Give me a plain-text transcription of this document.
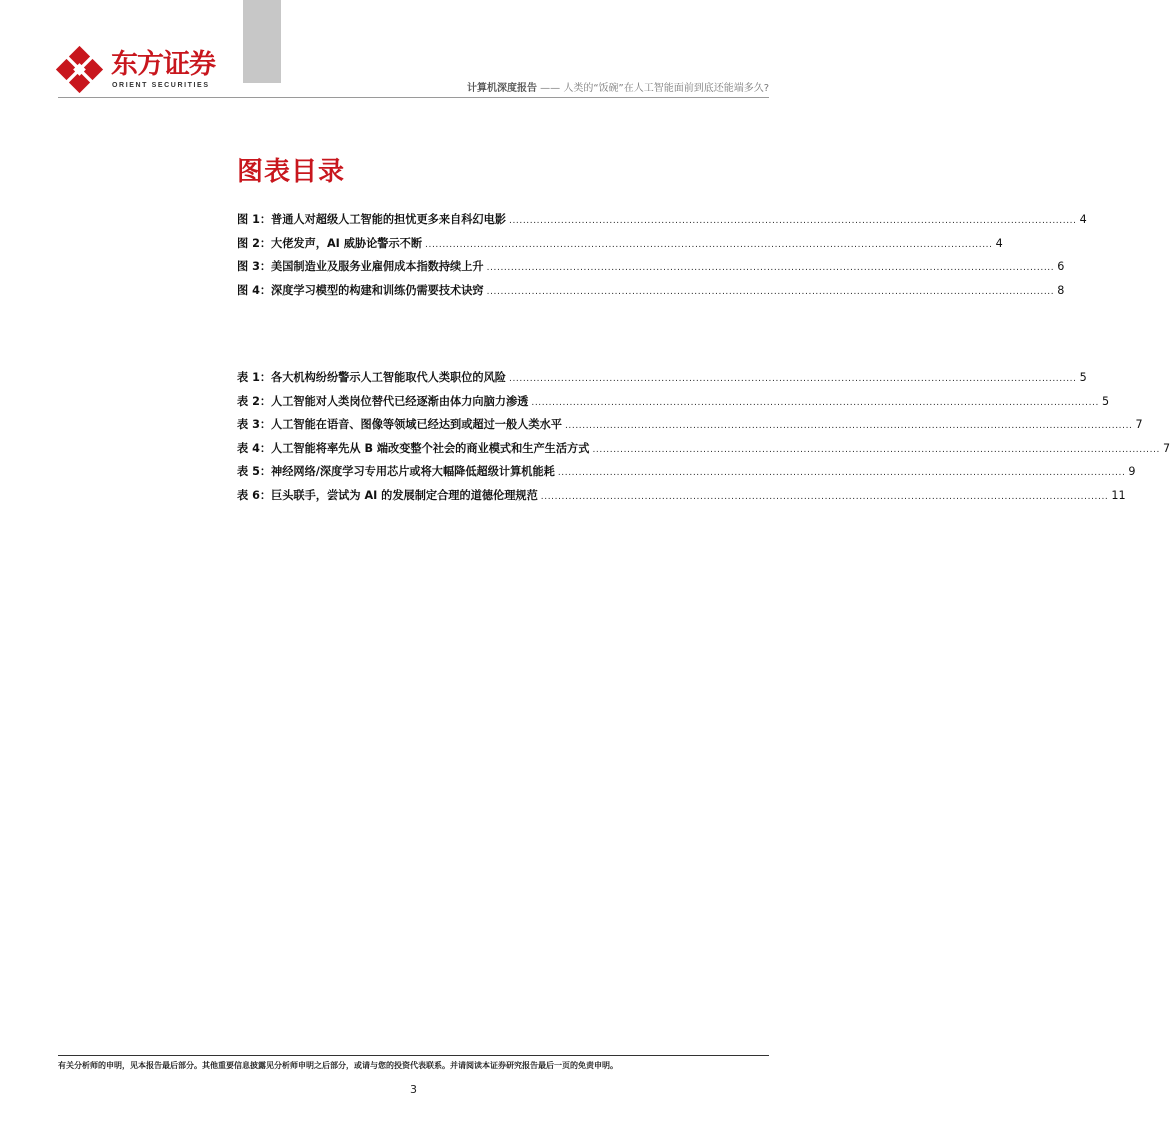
东方证券
ORIENT SECURITIES	计算机深度报告 —— 人类的“饭碗”在人工智能面前到底还能端多久?
图表目录
图 1：普通人对超级人工智能的担忧更多来自科幻电影 .................................................................................................................................................................... 4
图 2：大佬发声，AI 威胁论警示不断 .................................................................................................................................................................... 4
图 3：美国制造业及服务业雇佣成本指数持续上升 .................................................................................................................................................................... 6
图 4：深度学习模型的构建和训练仍需要技术诀窍 .................................................................................................................................................................... 8
表 1：各大机构纷纷警示人工智能取代人类职位的风险 .................................................................................................................................................................... 5
表 2：人工智能对人类岗位替代已经逐渐由体力向脑力渗透 .................................................................................................................................................................... 5
表 3：人工智能在语音、图像等领域已经达到或超过一般人类水平 .................................................................................................................................................................... 7
表 4：人工智能将率先从 B 端改变整个社会的商业模式和生产生活方式 .................................................................................................................................................................... 7
表 5：神经网络/深度学习专用芯片或将大幅降低超级计算机能耗 .................................................................................................................................................................... 9
表 6：巨头联手，尝试为 AI 的发展制定合理的道德伦理规范 .................................................................................................................................................................... 11
有关分析师的申明，见本报告最后部分。其他重要信息披露见分析师申明之后部分，或请与您的投资代表联系。并请阅读本证券研究报告最后一页的免责申明。
3
